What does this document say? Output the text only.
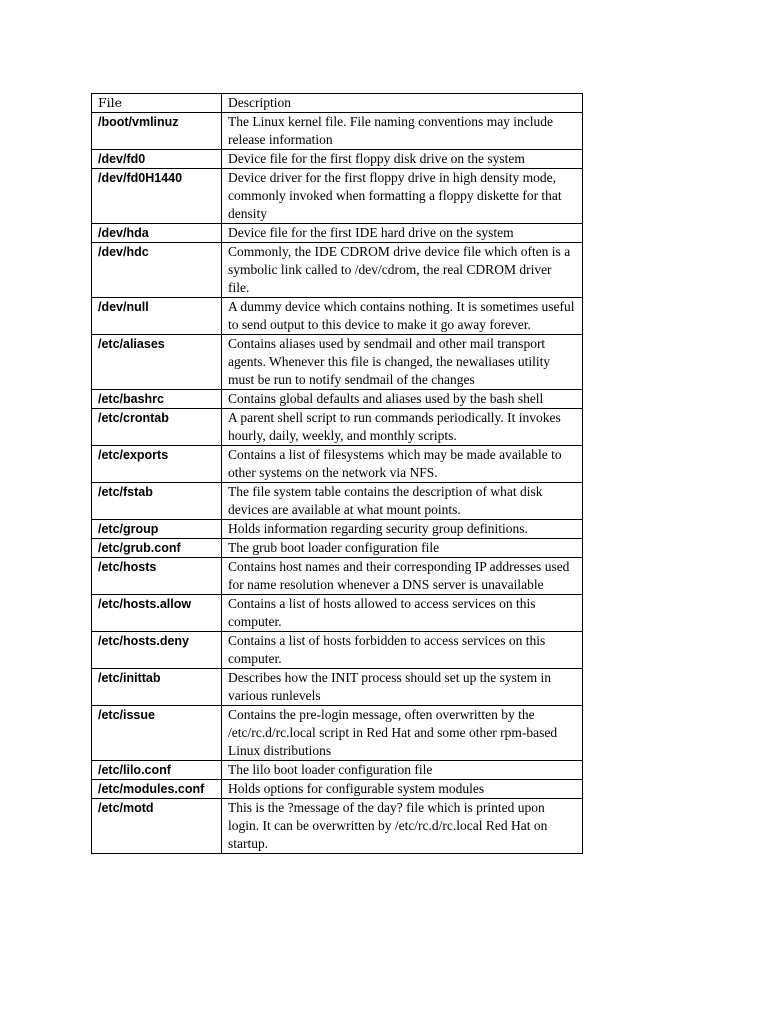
File	Description
/boot/vmlinuz	The Linux kernel file. File naming conventions may include release information
/dev/fd0	Device file for the first floppy disk drive on the system
/dev/fd0H1440	Device driver for the first floppy drive in high density mode, commonly invoked when formatting a floppy diskette for that density
/dev/hda	Device file for the first IDE hard drive on the system
/dev/hdc	Commonly, the IDE CDROM drive device file which often is a symbolic link called to /dev/cdrom, the real CDROM driver file.
/dev/null	A dummy device which contains nothing. It is sometimes useful to send output to this device to make it go away forever.
/etc/aliases	Contains aliases used by sendmail and other mail transport agents. Whenever this file is changed, the newaliases utility must be run to notify sendmail of the changes
/etc/bashrc	Contains global defaults and aliases used by the bash shell
/etc/crontab	A parent shell script to run commands periodically. It invokes hourly, daily, weekly, and monthly scripts.
/etc/exports	Contains a list of filesystems which may be made available to other systems on the network via NFS.
/etc/fstab	The file system table contains the description of what disk devices are available at what mount points.
/etc/group	Holds information regarding security group definitions.
/etc/grub.conf	The grub boot loader configuration file
/etc/hosts	Contains host names and their corresponding IP addresses used for name resolution whenever a DNS server is unavailable
/etc/hosts.allow	Contains a list of hosts allowed to access services on this computer.
/etc/hosts.deny	Contains a list of hosts forbidden to access services on this computer.
/etc/inittab	Describes how the INIT process should set up the system in various runlevels
/etc/issue	Contains the pre-login message, often overwritten by the /etc/rc.d/rc.local script in Red Hat and some other rpm-based Linux distributions
/etc/lilo.conf	The lilo boot loader configuration file
/etc/modules.conf	Holds options for configurable system modules
/etc/motd	This is the ?message of the day? file which is printed upon login. It can be overwritten by /etc/rc.d/rc.local Red Hat on startup.
